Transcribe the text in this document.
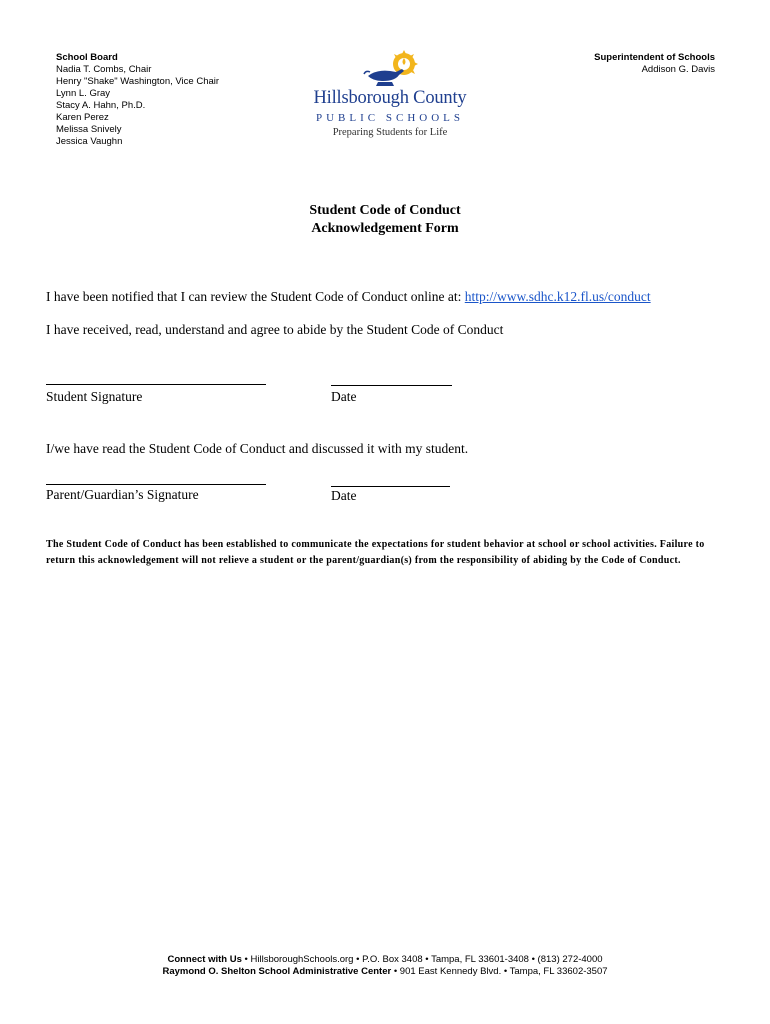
School Board
Nadia T. Combs, Chair
Henry "Shake" Washington, Vice Chair
Lynn L. Gray
Stacy A. Hahn, Ph.D.
Karen Perez
Melissa Snively
Jessica Vaughn
Superintendent of Schools
Addison G. Davis
Hillsborough County
PUBLIC SCHOOLS
Preparing Students for Life
Student Code of Conduct
Acknowledgement Form
I have been notified that I can review the Student Code of Conduct online at: http://www.sdhc.k12.fl.us/conduct
I have received, read, understand and agree to abide by the Student Code of Conduct
Student Signature	Date
I/we have read the Student Code of Conduct and discussed it with my student.
Parent/Guardian’s Signature	Date
The Student Code of Conduct has been established to communicate the expectations for student behavior at school or school activities. Failure to return this acknowledgement will not relieve a student or the parent/guardian(s) from the responsibility of abiding by the Code of Conduct.
Connect with Us • HillsboroughSchools.org • P.O. Box 3408 • Tampa, FL 33601-3408 • (813) 272-4000
Raymond O. Shelton School Administrative Center • 901 East Kennedy Blvd. • Tampa, FL 33602-3507
